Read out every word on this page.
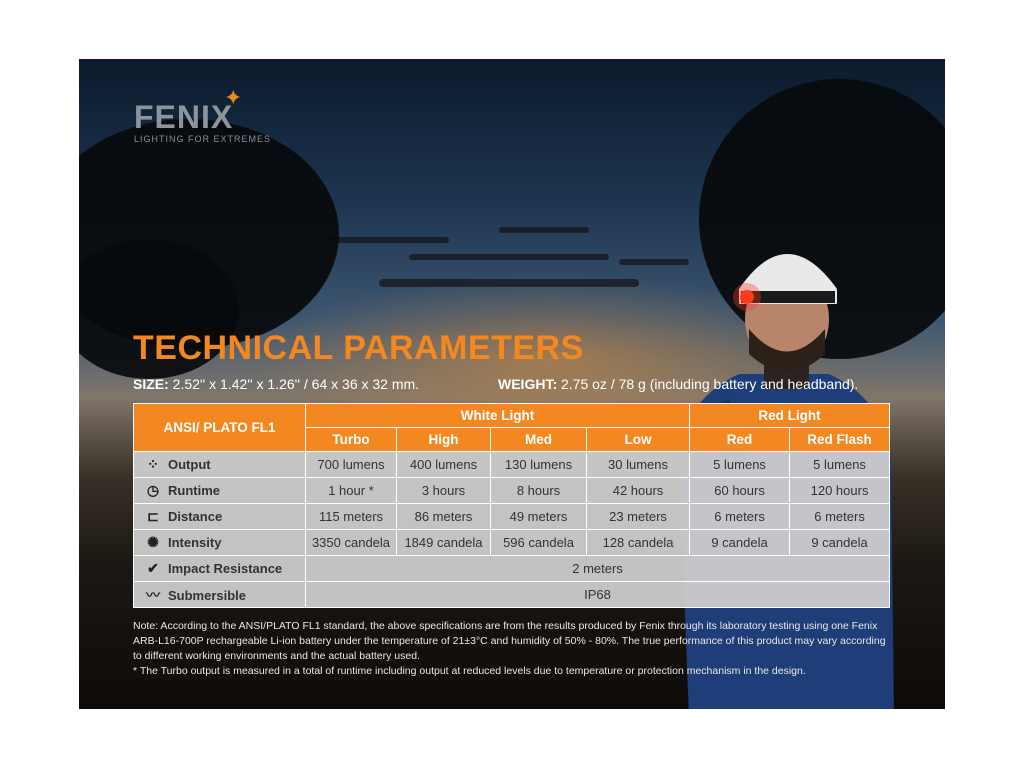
✦
FENIX
LIGHTING FOR EXTREMES
TECHNICAL PARAMETERS
SIZE: 2.52'' x 1.42'' x 1.26'' / 64 x 36 x 32 mm.	WEIGHT: 2.75 oz / 78 g (including battery and headband).
ANSI/ PLATO FL1	White Light				Red Light	
	Turbo	High	Med	Low	Red	Red Flash
⁘ Output	700 lumens	400 lumens	130 lumens	30 lumens	5 lumens	5 lumens
◷ Runtime	1 hour *	3 hours	8 hours	42 hours	60 hours	120 hours
⊏ Distance	115 meters	86 meters	49 meters	23 meters	6 meters	6 meters
✺ Intensity	3350 candela	1849 candela	596 candela	128 candela	9 candela	9 candela
✔ Impact Resistance	2 meters					
〰 Submersible	IP68					

Note: According to the ANSI/PLATO FL1 standard, the above specifications are from the results produced by Fenix through its laboratory testing using one Fenix ARB-L16-700P rechargeable Li-ion battery under the temperature of 21±3°C and humidity of 50% - 80%. The true performance of this product may vary according to different working environments and the actual battery used.

* The Turbo output is measured in a total of runtime including output at reduced levels due to temperature or protection mechanism in the design.
